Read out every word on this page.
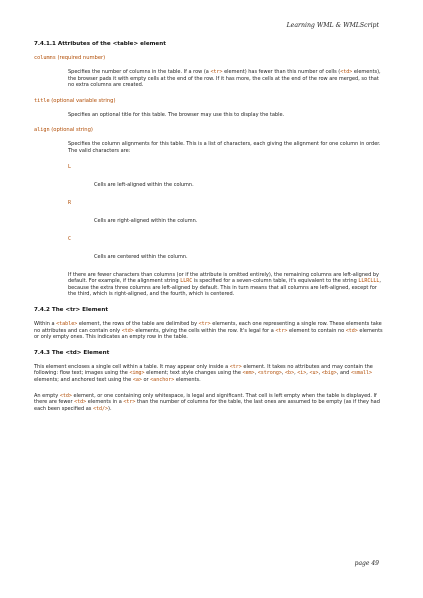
Learning WML & WMLScript
7.4.1.1 Attributes of the <table> element
columns (required number)
Specifies the number of columns in the table. If a row (a <tr> element) has fewer than this number of cells (<td> elements), the browser pads it with empty cells at the end of the row. If it has more, the cells at the end of the row are merged, so that no extra columns are created.
title (optional variable string)
Specifies an optional title for this table. The browser may use this to display the table.
align (optional string)
Specifies the column alignments for this table. This is a list of characters, each giving the alignment for one column in order. The valid characters are:
L
Cells are left-aligned within the column.
R
Cells are right-aligned within the column.
C
Cells are centered within the column.
If there are fewer characters than columns (or if the attribute is omitted entirely), the remaining columns are left-aligned by default. For example, if the alignment string LLRC is specified for a seven-column table, it's equivalent to the string LLRCLLL, because the extra three columns are left-aligned by default. This in turn means that all columns are left-aligned, except for the third, which is right-aligned, and the fourth, which is centered.
7.4.2 The <tr> Element
Within a <table> element, the rows of the table are delimited by <tr> elements, each one representing a single row. These elements take no attributes and can contain only <td> elements, giving the cells within the row. It's legal for a <tr> element to contain no <td> elements or only empty ones. This indicates an empty row in the table.
7.4.3 The <td> Element
This element encloses a single cell within a table. It may appear only inside a <tr> element. It takes no attributes and may contain the following: flow text; images using the <img> element; text style changes using the <em>, <strong>, <b>, <i>, <u>, <big>, and <small> elements; and anchored text using the <a> or <anchor> elements.
An empty <td> element, or one containing only whitespace, is legal and significant. That cell is left empty when the table is displayed. If there are fewer <td> elements in a <tr> than the number of columns for the table, the last ones are assumed to be empty (as if they had each been specified as <td/>).
page 49
